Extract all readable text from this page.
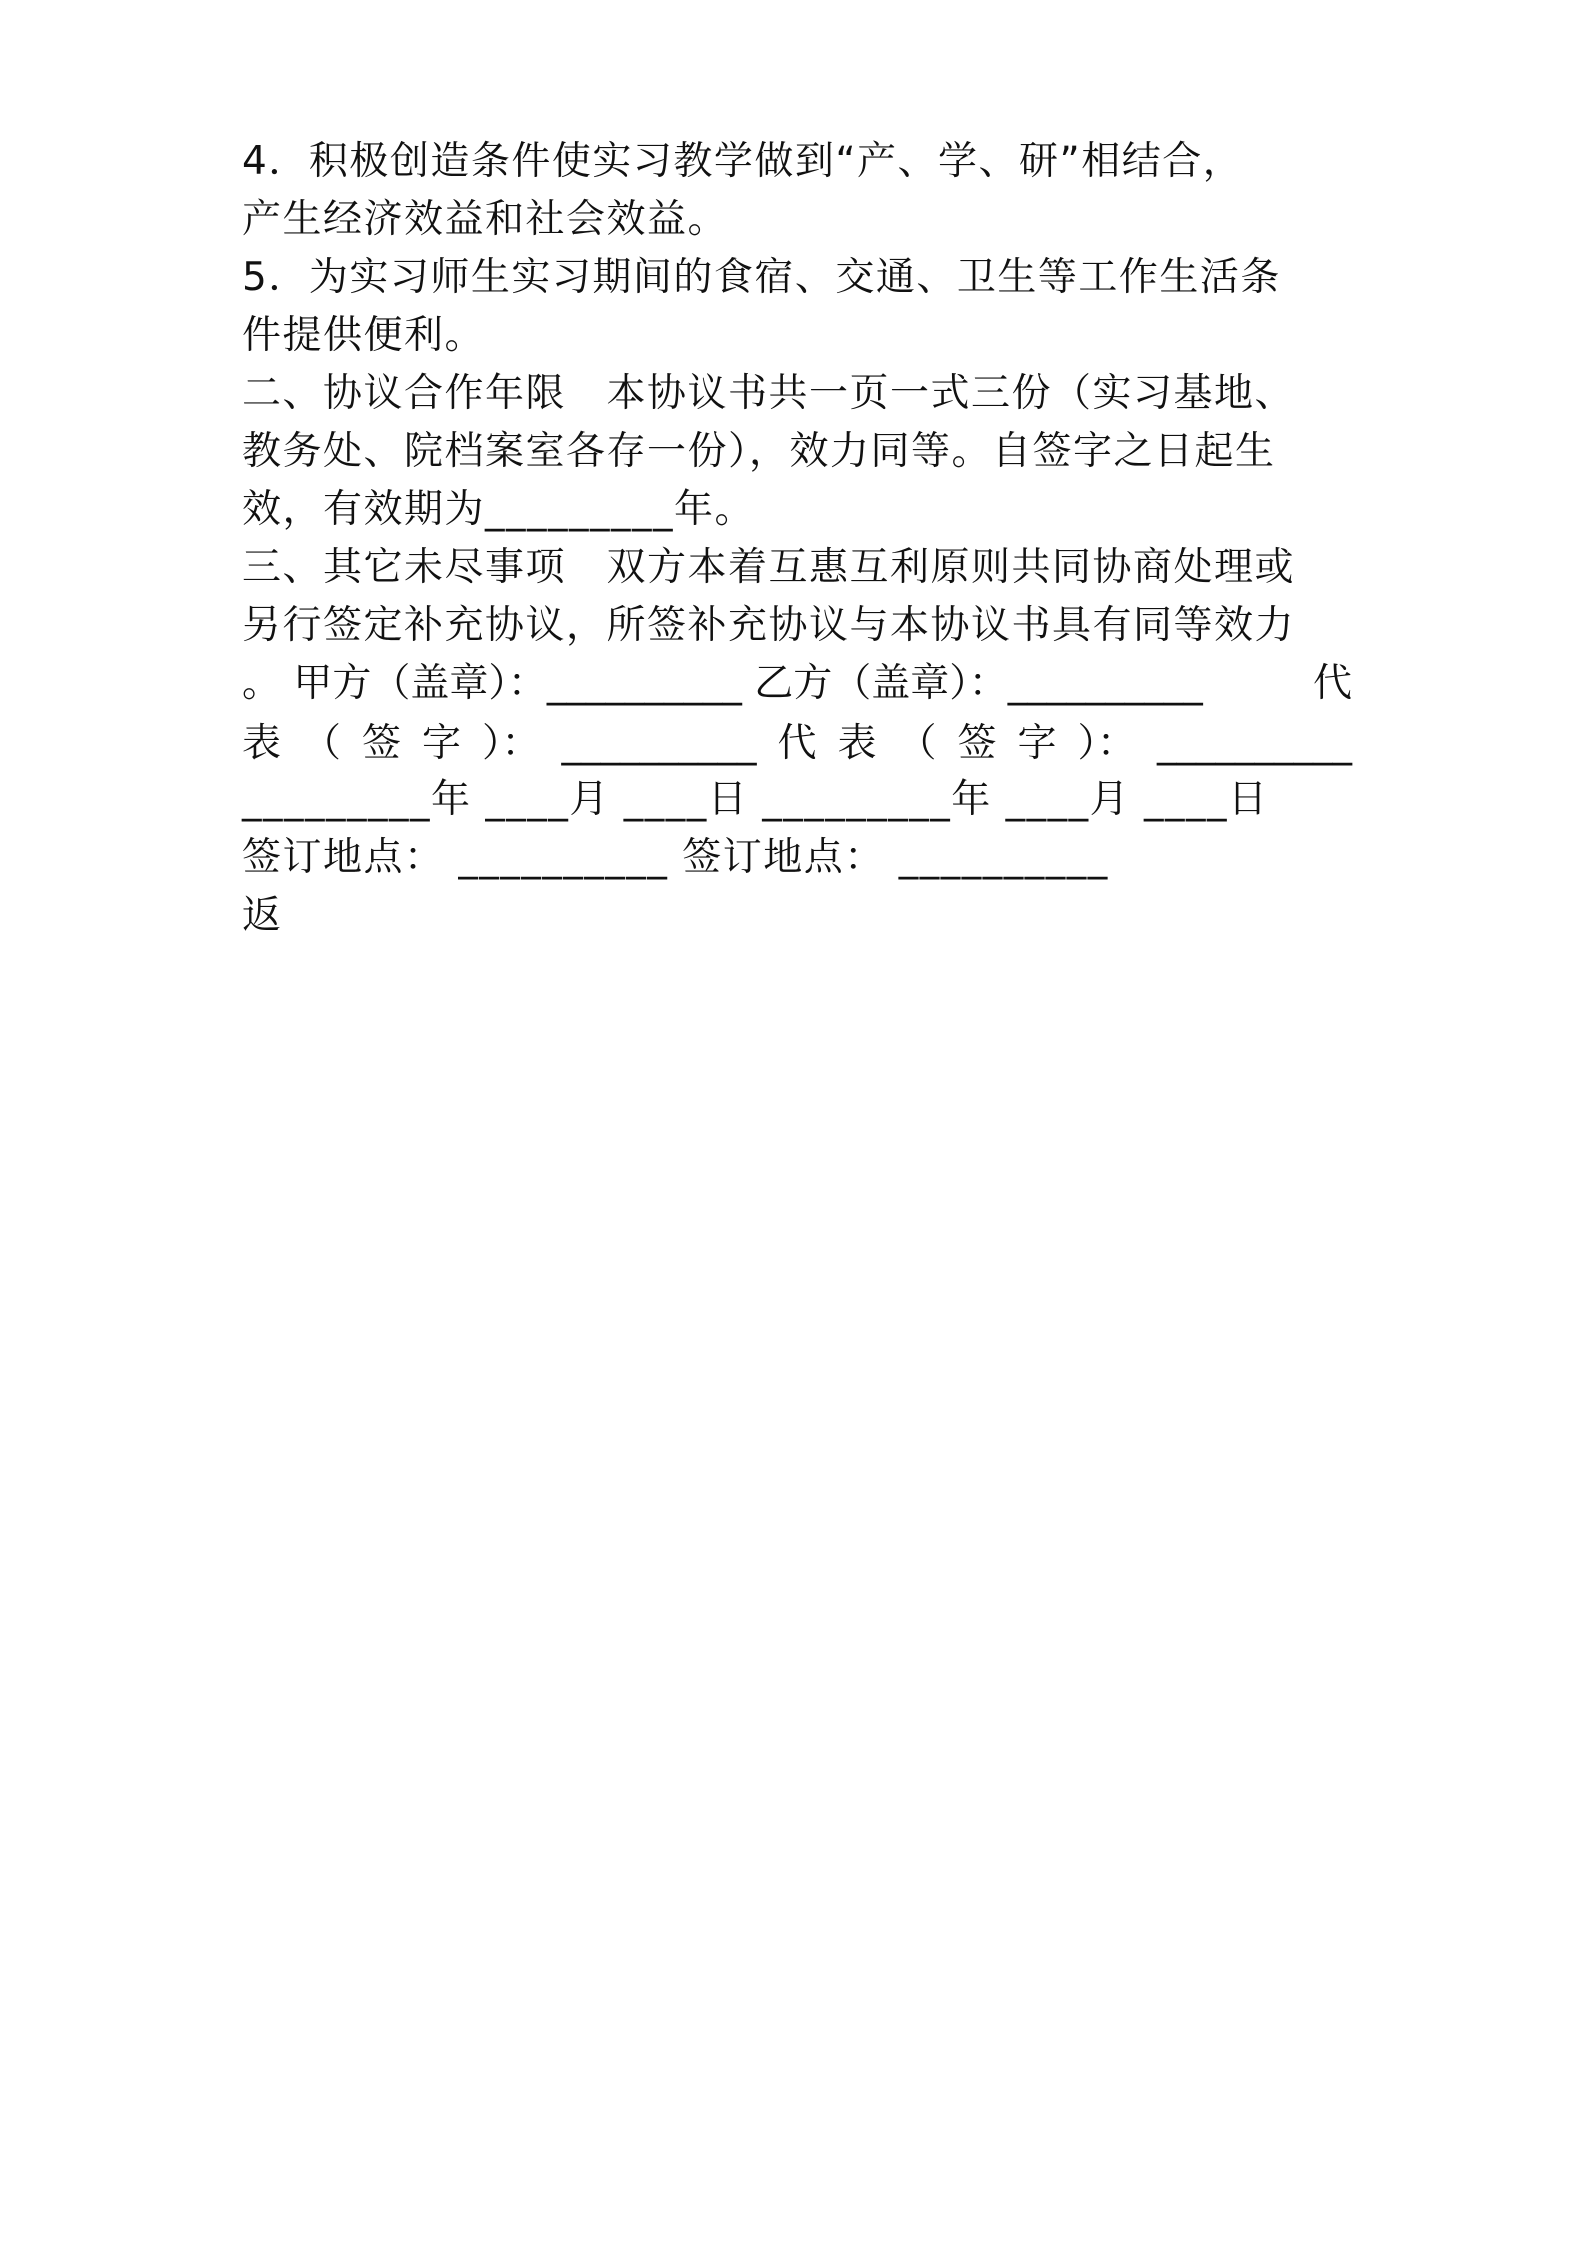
4．积极创造条件使实习教学做到“产、学、研”相结合，
产生经济效益和社会效益。
5．为实习师生实习期间的食宿、交通、卫生等工作生活条
件提供便利。
二、协议合作年限　本协议书共一页一式三份（实习基地、
教务处、院档案室各存一份），效力同等。自签字之日起生
效，有效期为_________年。
三、其它未尽事项　双方本着互惠互利原则共同协商处理或
另行签定补充协议，所签补充协议与本协议书具有同等效力
。 甲方（盖章）：__________ 乙方（盖章）：__________	代
表 （ 签 字 ）： __________ 代 表 （ 签 字 ）： __________
_________年 ____月 ____日 _________年 ____月 ____日
签订地点： __________ 签订地点： __________
返
